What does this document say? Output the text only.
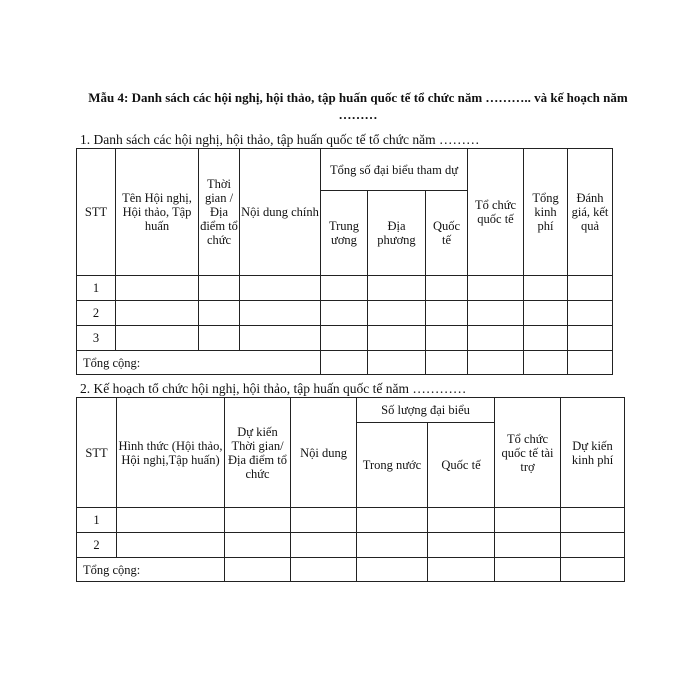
Mẫu 4: Danh sách các hội nghị, hội thảo, tập huấn quốc tế tổ chức năm ……….. và kế hoạch năm ………
1. Danh sách các hội nghị, hội thảo, tập huấn quốc tế tổ chức năm ………
STT	Tên Hội nghị, Hội thảo, Tập huấn	Thời gian / Địa điểm tổ chức	Nội dung chính	Tổng số đại biểu tham dự			Tổ chức quốc tế	Tổng kinh phí	Đánh giá, kết quả
				Trung ương	Địa phương	Quốc tế			
1									
2									
3									
Tổng cộng:									
2. Kế hoạch tổ chức hội nghị, hội thảo, tập huấn quốc tế năm …………
STT	Hình thức (Hội thảo, Hội nghị,Tập huấn)	Dự kiến Thời gian/ Địa điểm tổ chức	Nội dung	Số lượng đại biểu		Tổ chức quốc tế tài trợ	Dự kiến kinh phí
				Trong nước	Quốc tế		
1							
2							
Tổng cộng:							
